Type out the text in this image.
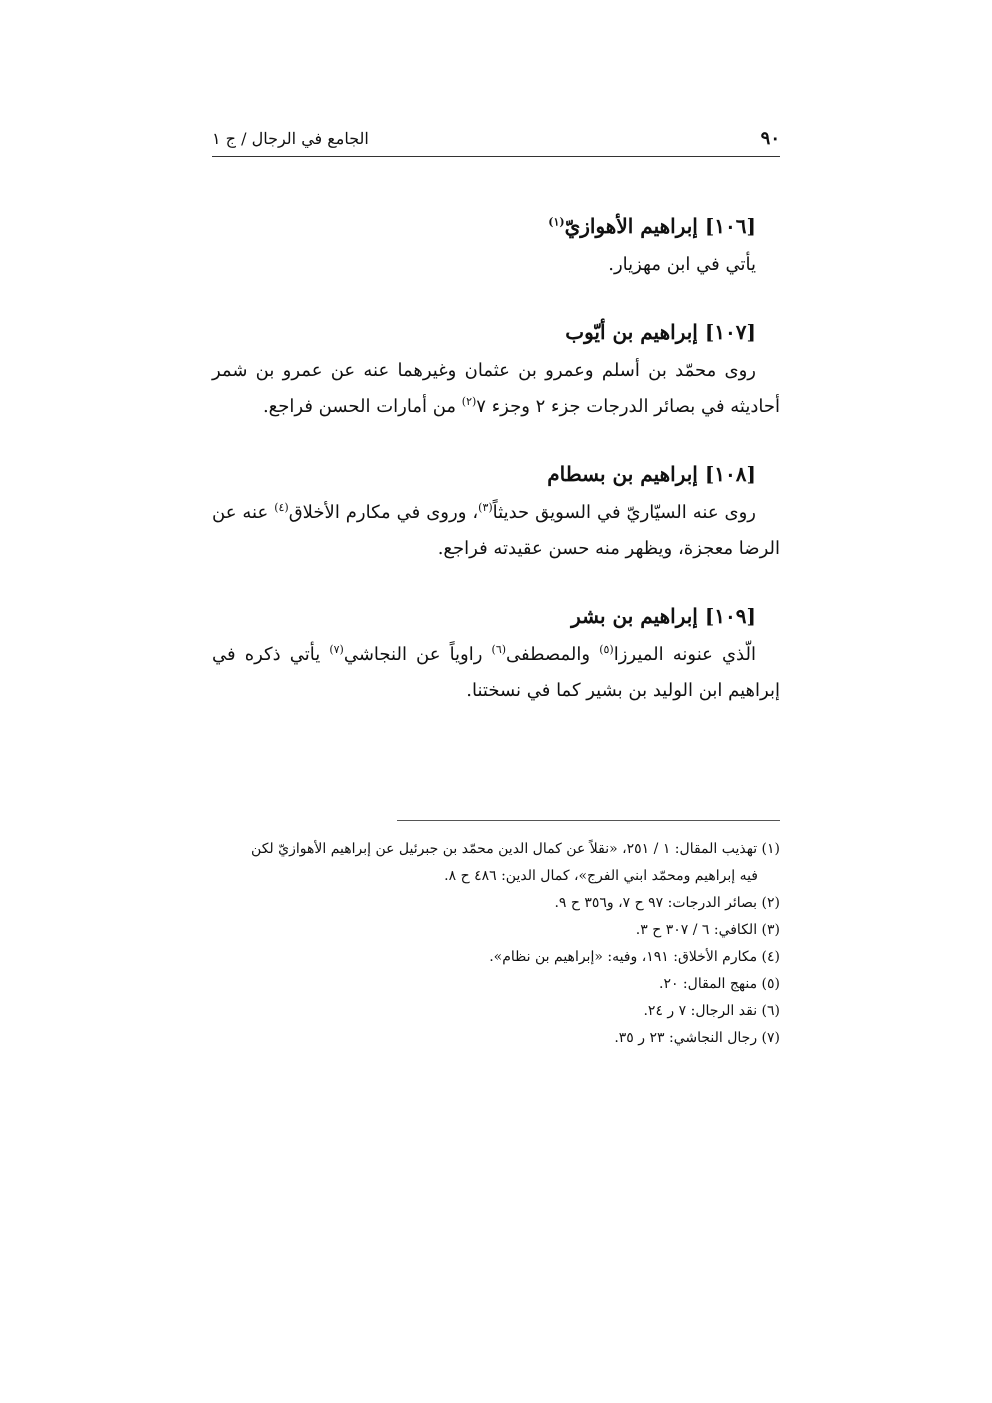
٩٠
الجامع في الرجال / ج ١
[١٠٦] إبراهيم الأهوازيّ$^{(١)}$

يأتي في ابن مهزيار.

[١٠٧] إبراهيم بن أيّوب

روى محمّد بن أسلم وعمرو بن عثمان وغيرهما عنه عن عمرو بن شمر أحاديثه في بصائر الدرجات جزء ٢ وجزء ٧$^{(٢)}$ من أمارات الحسن فراجع.

[١٠٨] إبراهيم بن بسطام

روى عنه السيّاريّ في السويق حديثاً$^{(٣)}$، وروى في مكارم الأخلاق$^{(٤)}$ عنه عن الرضا معجزة، ويظهر منه حسن عقيدته فراجع.

[١٠٩] إبراهيم بن بشر

الّذي عنونه الميرزا$^{(٥)}$ والمصطفى$^{(٦)}$ راوياً عن النجاشي$^{(٧)}$ يأتي ذكره في إبراهيم ابن الوليد بن بشير كما في نسختنا.

(١) تهذيب المقال: ١ / ٢٥١، «نقلاً عن كمال الدين محمّد بن جبرئيل عن إبراهيم الأهوازيّ لكن
فيه إبراهيم ومحمّد ابني الفرج»، كمال الدين: ٤٨٦ ح ٨.

(٢) بصائر الدرجات: ٩٧ ح ٧، و٣٥٦ ح ٩.

(٣) الكافي: ٦ / ٣٠٧ ح ٣.

(٤) مكارم الأخلاق: ١٩١، وفيه: «إبراهيم بن نظام».

(٥) منهج المقال: ٢٠.

(٦) نقد الرجال: ٧ ر ٢٤.

(٧) رجال النجاشي: ٢٣ ر ٣٥.
